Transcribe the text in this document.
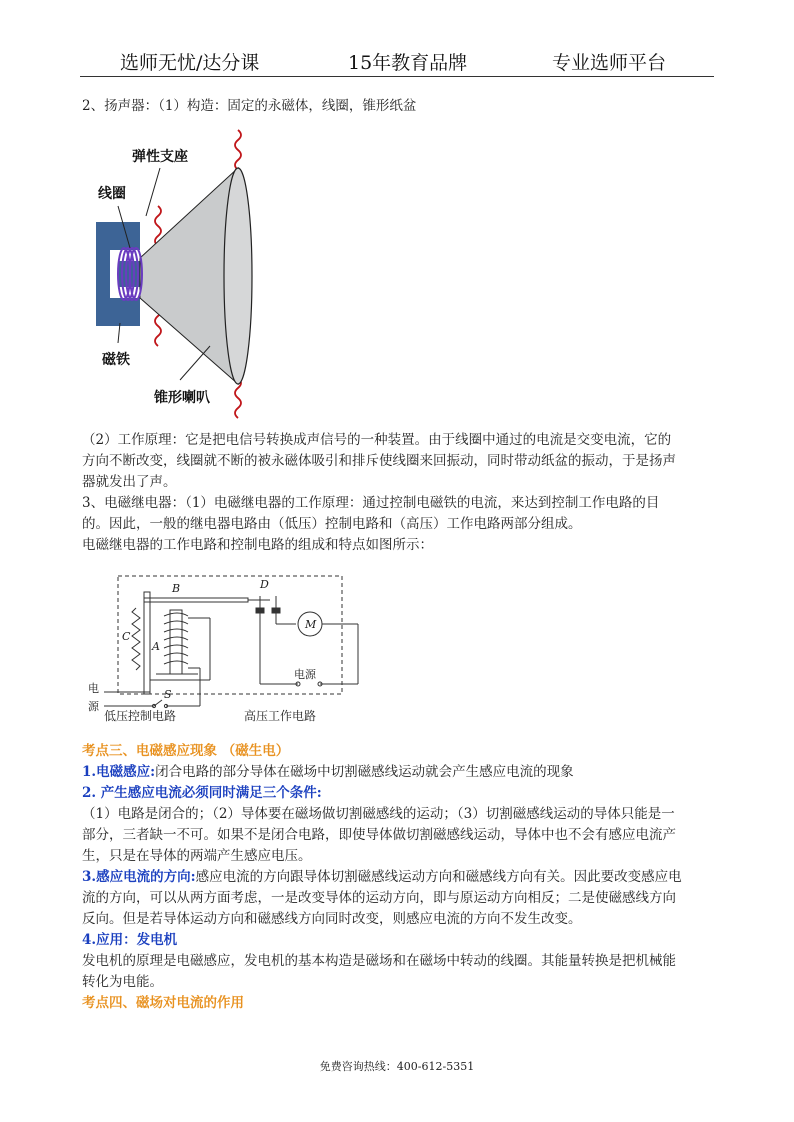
选师无忧/达分课	15年教育品牌	专业选师平台
2、扬声器：（1）构造：固定的永磁体，线圈，锥形纸盆
弹性支座
线圈
磁铁
锥形喇叭
（2）工作原理：它是把电信号转换成声信号的一种装置。由于线圈中通过的电流是交变电流，它的
方向不断改变，线圈就不断的被永磁体吸引和排斥使线圈来回振动，同时带动纸盆的振动，于是扬声
器就发出了声。
3、电磁继电器：（1）电磁继电器的工作原理：通过控制电磁铁的电流，来达到控制工作电路的目
的。因此，一般的继电器电路由（低压）控制电路和（高压）工作电路两部分组成。
电磁继电器的工作电路和控制电路的组成和特点如图所示：
B	D
C
A
S
M
电源
电
源
低压控制电路	高压工作电路
考点三、电磁感应现象 （磁生电）
1.电磁感应:闭合电路的部分导体在磁场中切割磁感线运动就会产生感应电流的现象
2. 产生感应电流必须同时满足三个条件:
（1）电路是闭合的；（2）导体要在磁场做切割磁感线的运动；（3）切割磁感线运动的导体只能是一
部分，三者缺一不可。如果不是闭合电路，即使导体做切割磁感线运动，导体中也不会有感应电流产
生，只是在导体的两端产生感应电压。
3.感应电流的方向:感应电流的方向跟导体切割磁感线运动方向和磁感线方向有关。因此要改变感应电
流的方向，可以从两方面考虑，一是改变导体的运动方向，即与原运动方向相反；二是使磁感线方向
反向。但是若导体运动方向和磁感线方向同时改变，则感应电流的方向不发生改变。
4.应用：发电机
发电机的原理是电磁感应，发电机的基本构造是磁场和在磁场中转动的线圈。其能量转换是把机械能
转化为电能。
考点四、磁场对电流的作用
免费咨询热线：400-612-5351
